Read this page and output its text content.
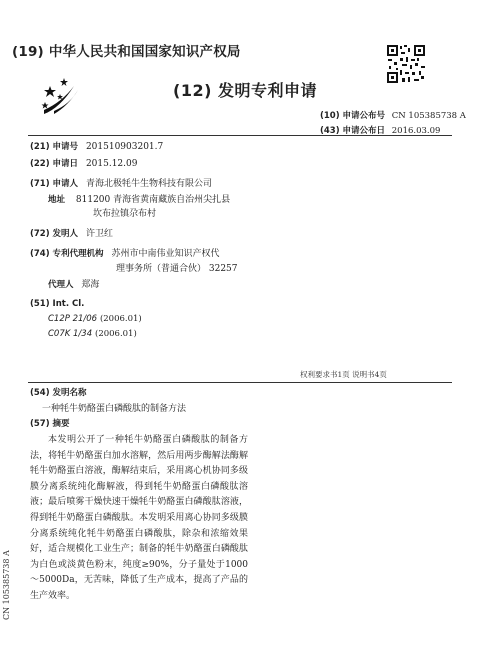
(19) 中华人民共和国国家知识产权局
(12) 发明专利申请
(10) 申请公布号 CN 105385738 A
(43) 申请公布日 2016.03.09
(21) 申请号 201510903201.7
(22) 申请日 2015.12.09
(71) 申请人 青海北极牦牛生物科技有限公司
地址 811200 青海省黄南藏族自治州尖扎县
坎布拉镇尕布村
(72) 发明人 许卫红
(74) 专利代理机构 苏州市中南伟业知识产权代
理事务所（普通合伙） 32257
代理人 郑海
(51) Int. Cl.
C12P 21/06 (2006.01)
C07K 1/34 (2006.01)
权利要求书1页 说明书4页
(54) 发明名称
一种牦牛奶酪蛋白磷酸肽的制备方法
(57) 摘要
本发明公开了一种牦牛奶酪蛋白磷酸肽的制备方法，将牦牛奶酪蛋白加水溶解，然后用两步酶解法酶解牦牛奶酪蛋白溶液，酶解结束后，采用离心机协同多级膜分离系统纯化酶解液，得到牦牛奶酪蛋白磷酸肽溶液；最后喷雾干燥快速干燥牦牛奶酪蛋白磷酸肽溶液，得到牦牛奶酪蛋白磷酸肽。本发明采用离心协同多级膜分离系统纯化牦牛奶酪蛋白磷酸肽，除杂和浓缩效果好，适合规模化工业生产；制备的牦牛奶酪蛋白磷酸肽为白色或淡黄色粉末，纯度≥90%，分子量处于1000～5000Da，无苦味，降低了生产成本，提高了产品的生产效率。
CN 105385738 A
